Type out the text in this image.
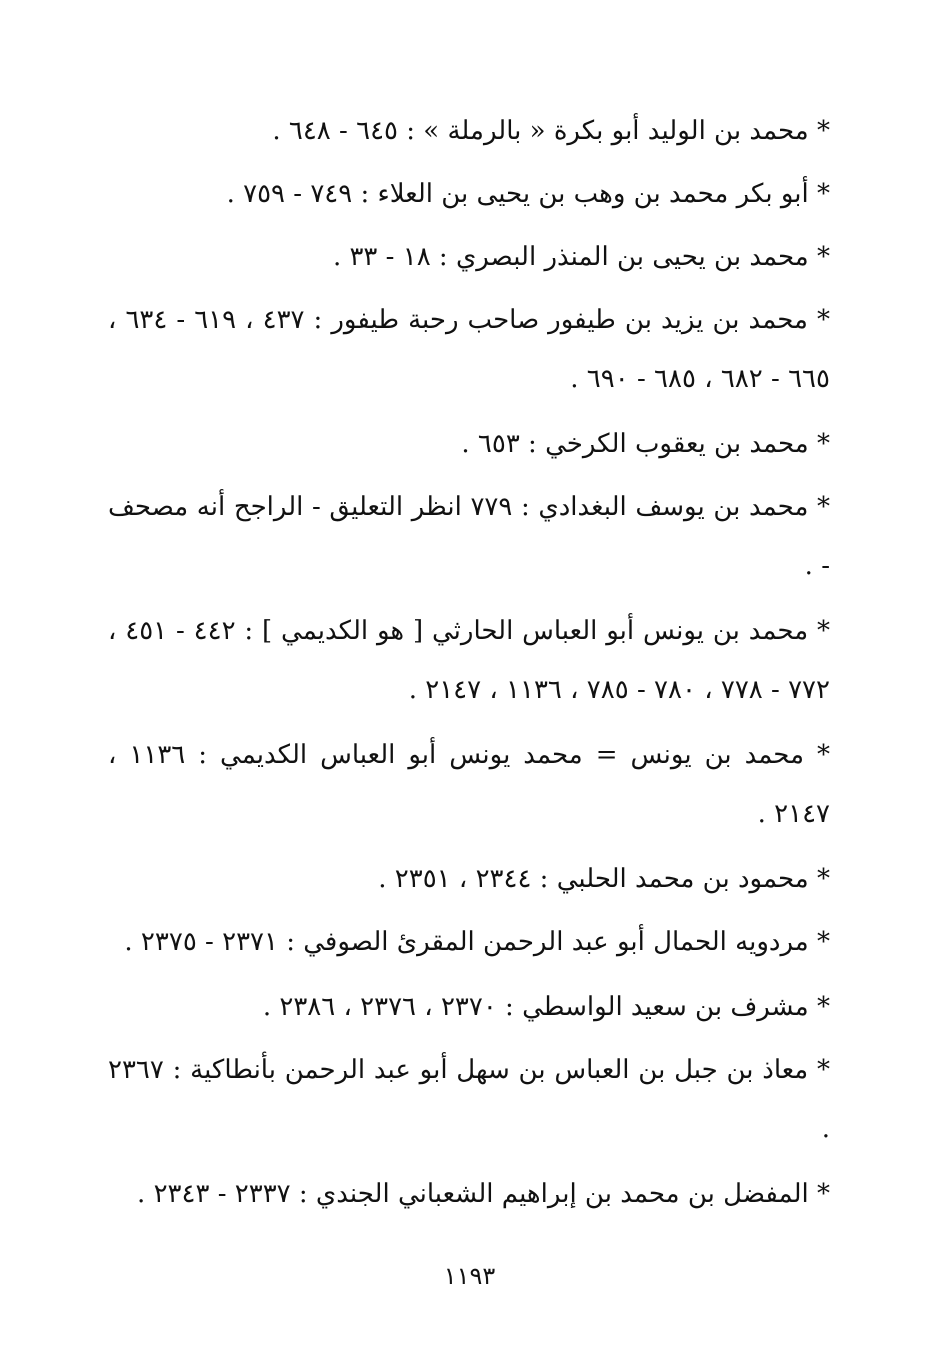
* محمد بن الوليد أبو بكرة « بالرملة » : ٦٤٥ - ٦٤٨ .

* أبو بكر محمد بن وهب بن يحيى بن العلاء : ٧٤٩ - ٧٥٩ .

* محمد بن يحيى بن المنذر البصري : ١٨ - ٣٣ .

* محمد بن يزيد بن طيفور صاحب رحبة طيفور : ٤٣٧ ، ٦١٩ - ٦٣٤ ، ٦٦٥ - ٦٨٢ ، ٦٨٥ - ٦٩٠ .

* محمد بن يعقوب الكرخي : ٦٥٣ .

* محمد بن يوسف البغدادي : ٧٧٩ انظر التعليق - الراجح أنه مصحف - .

* محمد بن يونس أبو العباس الحارثي [ هو الكديمي ] : ٤٤٢ - ٤٥١ ، ٧٧٢ - ٧٧٨ ، ٧٨٠ - ٧٨٥ ، ١١٣٦ ، ٢١٤٧ .

* محمد بن يونس = محمد يونس أبو العباس الكديمي : ١١٣٦ ، ٢١٤٧ .

* محمود بن محمد الحلبي : ٢٣٤٤ ، ٢٣٥١ .

* مردويه الحمال أبو عبد الرحمن المقرئ الصوفي : ٢٣٧١ - ٢٣٧٥ .

* مشرف بن سعيد الواسطي : ٢٣٧٠ ، ٢٣٧٦ ، ٢٣٨٦ .

* معاذ بن جبل بن العباس بن سهل أبو عبد الرحمن بأنطاكية : ٢٣٦٧ .

* المفضل بن محمد بن إبراهيم الشعباني الجندي : ٢٣٣٧ - ٢٣٤٣ .

١١٩٣
